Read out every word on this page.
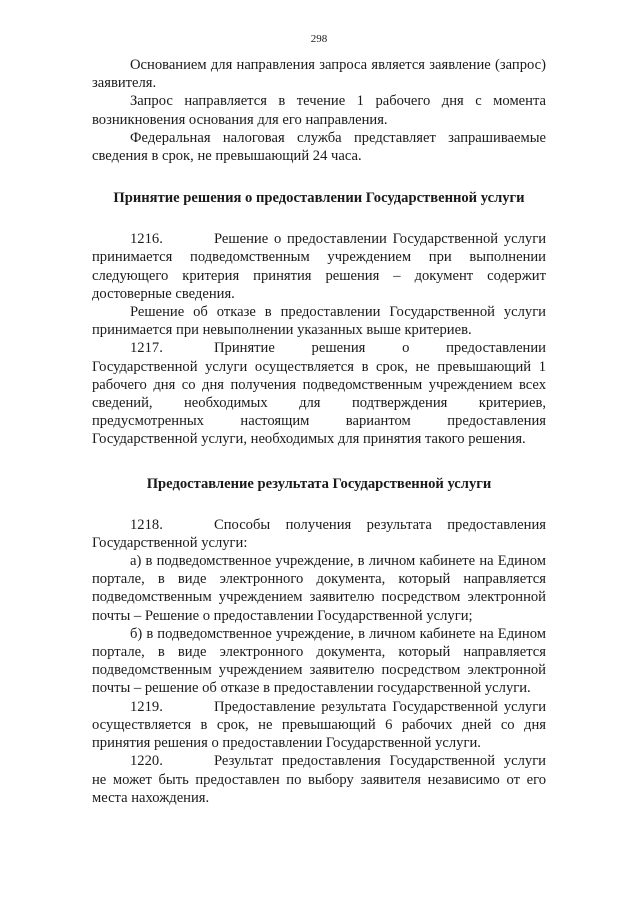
298

Основанием для направления запроса является заявление (запрос) заявителя.

Запрос направляется в течение 1 рабочего дня с момента возникновения основания для его направления.

Федеральная налоговая служба представляет запрашиваемые сведения в срок, не превышающий 24 часа.

Принятие решения о предоставлении Государственной услуги

1216.	Решение о предоставлении Государственной услуги принимается подведомственным учреждением при выполнении следующего критерия принятия решения – документ содержит достоверные сведения.

Решение об отказе в предоставлении Государственной услуги принимается при невыполнении указанных выше критериев.

1217.	Принятие решения о предоставлении Государственной услуги осуществляется в срок, не превышающий 1 рабочего дня со дня получения подведомственным учреждением всех сведений, необходимых для подтверждения критериев, предусмотренных настоящим вариантом предоставления Государственной услуги, необходимых для принятия такого решения.

Предоставление результата Государственной услуги

1218.	Способы получения результата предоставления Государственной услуги:

а) в подведомственное учреждение, в личном кабинете на Едином портале, в виде электронного документа, который направляется подведомственным учреждением заявителю посредством электронной почты – Решение о предоставлении Государственной услуги;

б) в подведомственное учреждение, в личном кабинете на Едином портале, в виде электронного документа, который направляется подведомственным учреждением заявителю посредством электронной почты – решение об отказе в предоставлении государственной услуги.

1219.	Предоставление результата Государственной услуги осуществляется в срок, не превышающий 6 рабочих дней со дня принятия решения о предоставлении Государственной услуги.

1220.	Результат предоставления Государственной услуги не может быть предоставлен по выбору заявителя независимо от его места нахождения.
